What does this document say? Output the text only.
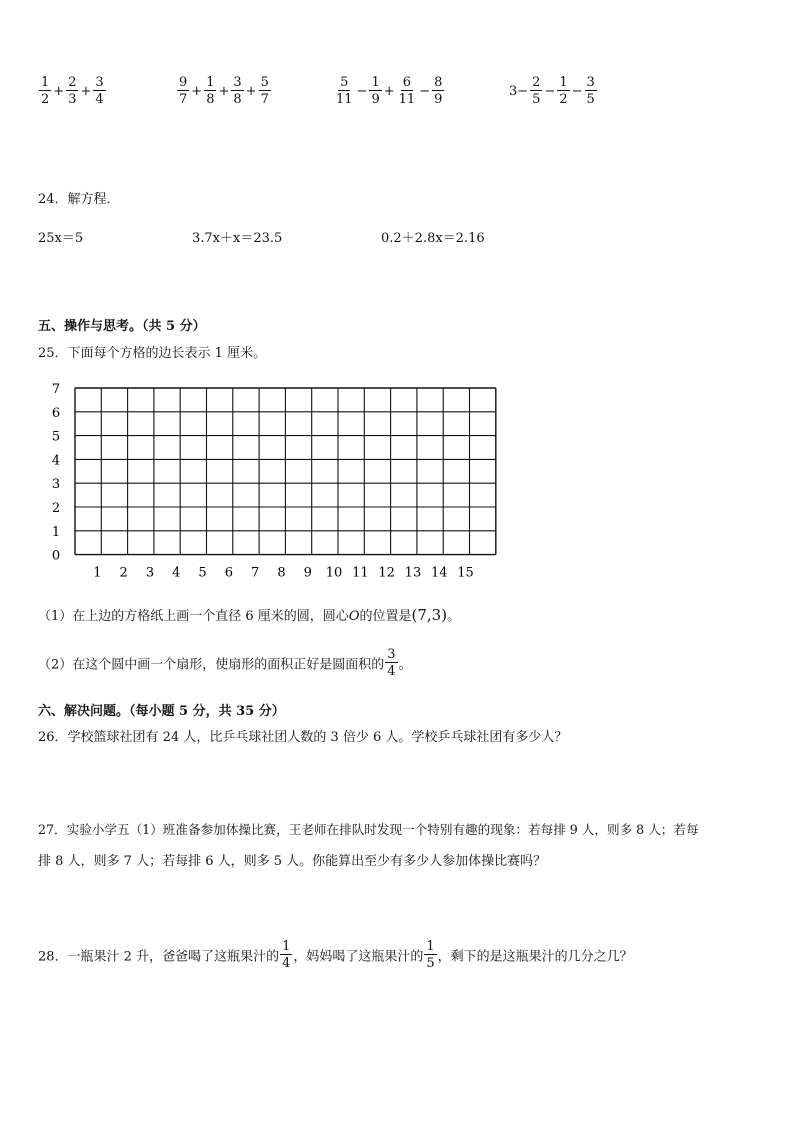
$\frac{1}{2} + \frac{2}{3} + \frac{3}{4}$	$\frac{9}{7} + \frac{1}{8} + \frac{3}{8} + \frac{5}{7}$	$\frac{5}{11} - \frac{1}{9} + \frac{6}{11} - \frac{8}{9}$	$3- \frac{2}{5} - \frac{1}{2} - \frac{3}{5}$
24．解方程．
25x＝5	3.7x＋x＝23.5	0.2＋2.8x＝2.16
五、操作与思考。（共 5 分）
25．下面每个方格的边长表示 1 厘米。
7
6
5
4
3
2
1
0
1 2 3 4 5 6 7 8 9 10 11 12 13 14 15
（1）在上边的方格纸上画一个直径 6 厘米的圆，圆心O的位置是(7,3)。
（2）在这个圆中画一个扇形，使扇形的面积正好是圆面积的 $\frac{3}{4}$ 。
六、解决问题。（每小题 5 分，共 35 分）
26．学校篮球社团有 24 人，比乒乓球社团人数的 3 倍少 6 人。学校乒乓球社团有多少人？
27．实验小学五（1）班准备参加体操比赛，王老师在排队时发现一个特别有趣的现象：若每排 9 人，则多 8 人；若每
排 8 人，则多 7 人；若每排 6 人，则多 5 人。你能算出至少有多少人参加体操比赛吗？
28．一瓶果汁 2 升，爸爸喝了这瓶果汁的 $\frac{1}{4}$ ，妈妈喝了这瓶果汁的 $\frac{1}{5}$ ，剩下的是这瓶果汁的几分之几？
